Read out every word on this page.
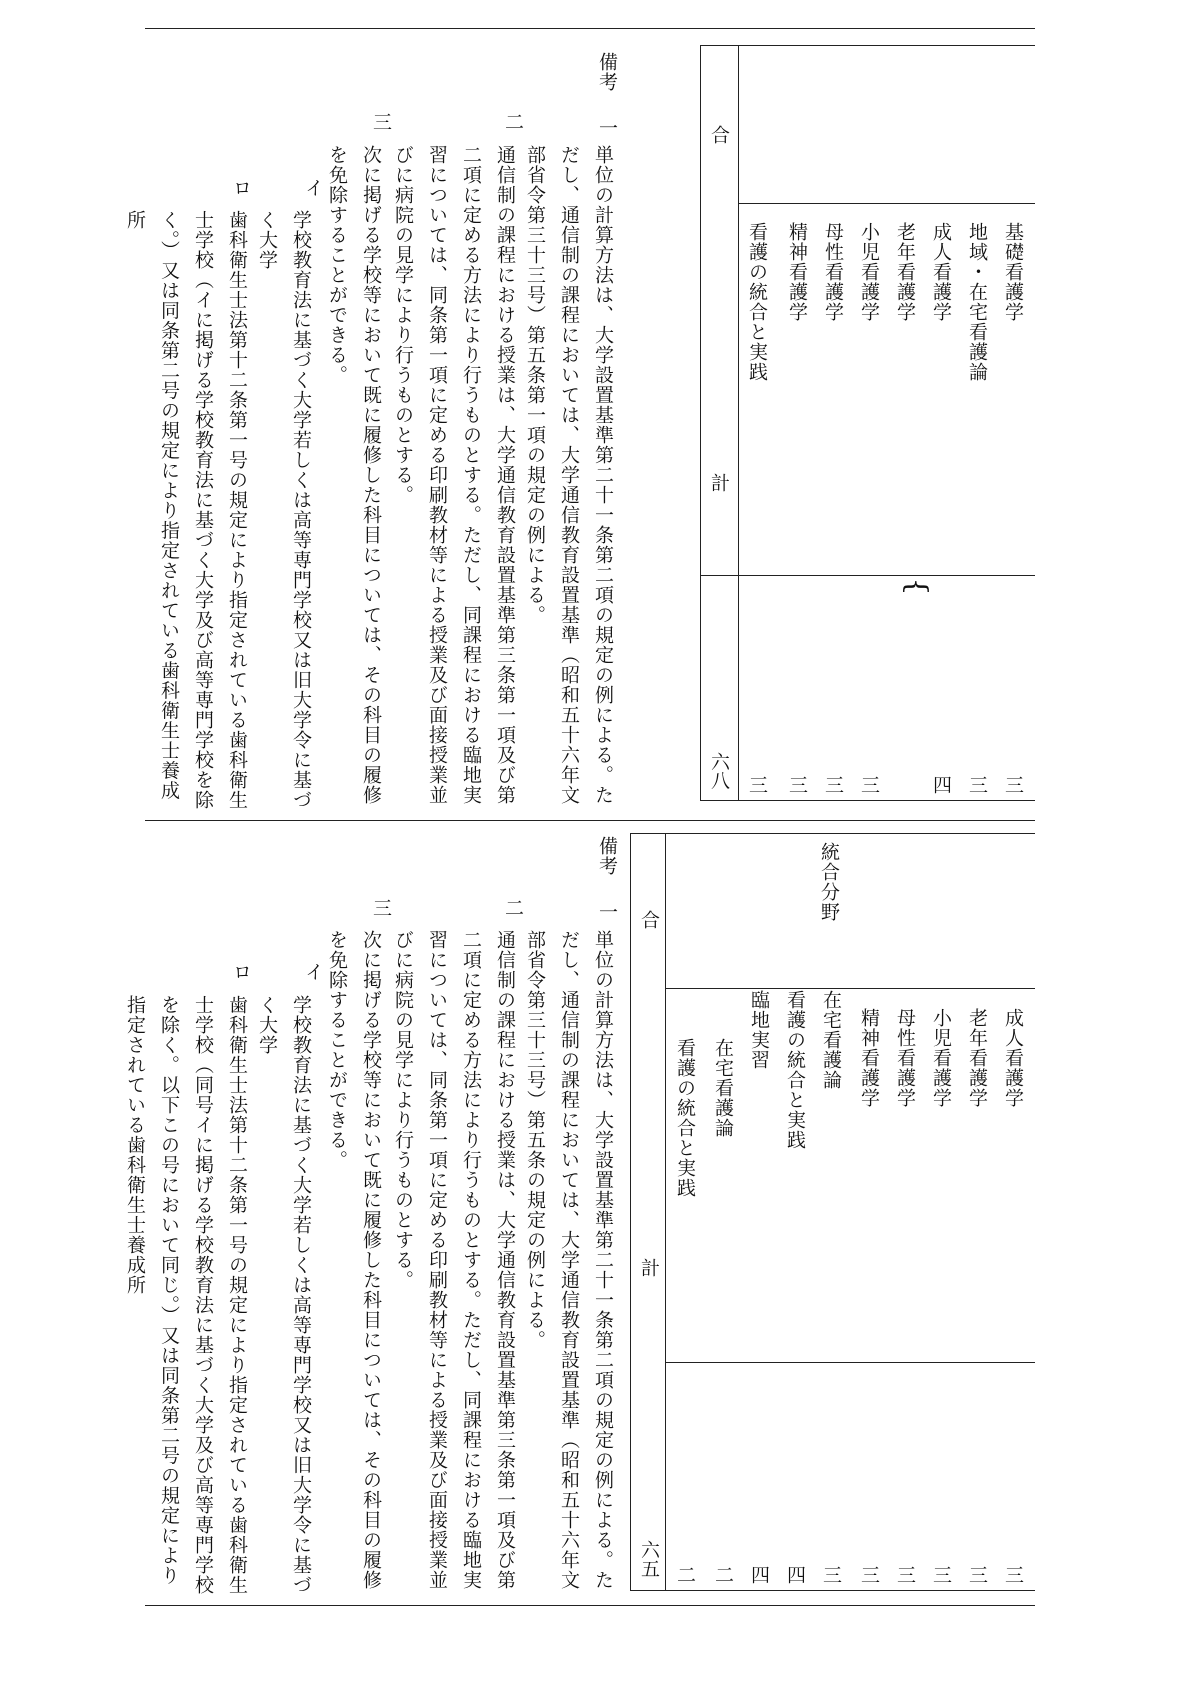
合
計
六八
基礎看護学
地域・在宅看護論
成人看護学
老年看護学
小児看護学
母性看護学
精神看護学
看護の統合と実践
{
三
三
四
三
三
三
三
備考
一
単位の計算方法は、大学設置基準第二十一条第二項の規定の例による。ただし、通信制の課程においては、大学通信教育設置基準（昭和五十六年文部省令第三十三号）第五条第一項の規定の例による。
二
通信制の課程における授業は、大学通信教育設置基準第三条第一項及び第二項に定める方法により行うものとする。ただし、同課程における臨地実習については、同条第一項に定める印刷教材等による授業及び面接授業並びに病院の見学により行うものとする。
三
次に掲げる学校等において既に履修した科目については、その科目の履修を免除することができる。
イ
学校教育法に基づく大学若しくは高等専門学校又は旧大学令に基づく大学
ロ
歯科衛生士法第十二条第一号の規定により指定されている歯科衛生士学校（イに掲げる学校教育法に基づく大学及び高等専門学校を除く。）又は同条第二号の規定により指定されている歯科衛生士養成所
合
計
六五
統合分野
成人看護学
老年看護学
小児看護学
母性看護学
精神看護学
在宅看護論
看護の統合と実践
臨地実習
在宅看護論
看護の統合と実践
三
三
三
三
三
三
四
四
二
二
備考
一
単位の計算方法は、大学設置基準第二十一条第二項の規定の例による。ただし、通信制の課程においては、大学通信教育設置基準（昭和五十六年文部省令第三十三号）第五条の規定の例による。
二
通信制の課程における授業は、大学通信教育設置基準第三条第一項及び第二項に定める方法により行うものとする。ただし、同課程における臨地実習については、同条第一項に定める印刷教材等による授業及び面接授業並びに病院の見学により行うものとする。
三
次に掲げる学校等において既に履修した科目については、その科目の履修を免除することができる。
イ
学校教育法に基づく大学若しくは高等専門学校又は旧大学令に基づく大学
ロ
歯科衛生士法第十二条第一号の規定により指定されている歯科衛生士学校（同号イに掲げる学校教育法に基づく大学及び高等専門学校を除く。以下この号において同じ。）又は同条第二号の規定により指定されている歯科衛生士養成所
